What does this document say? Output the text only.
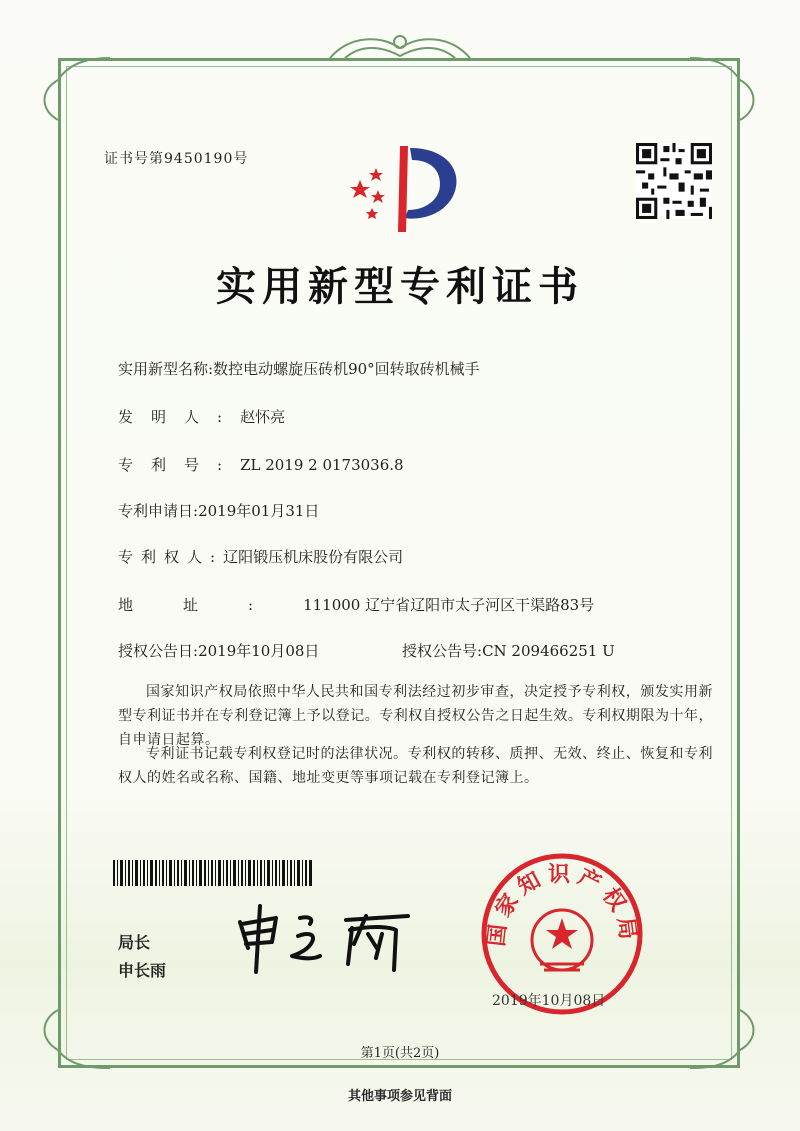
证书号第9450190号
实用新型专利证书
实用新型名称:数控电动螺旋压砖机90°回转取砖机械手
发明人:赵怀亮
专利号:ZL 2019 2 0173036.8
专利申请日:2019年01月31日
专利权人:辽阳锻压机床股份有限公司
地址:111000 辽宁省辽阳市太子河区干渠路83号
授权公告日:2019年10月08日	授权公告号:CN 209466251 U
国家知识产权局依照中华人民共和国专利法经过初步审查，决定授予专利权，颁发实用新型专利证书并在专利登记簿上予以登记。专利权自授权公告之日起生效。专利权期限为十年，自申请日起算。
专利证书记载专利权登记时的法律状况。专利权的转移、质押、无效、终止、恢复和专利权人的姓名或名称、国籍、地址变更等事项记载在专利登记簿上。
局长
申长雨
国家知识产权局
2019年10月08日
第1页(共2页)
其他事项参见背面
